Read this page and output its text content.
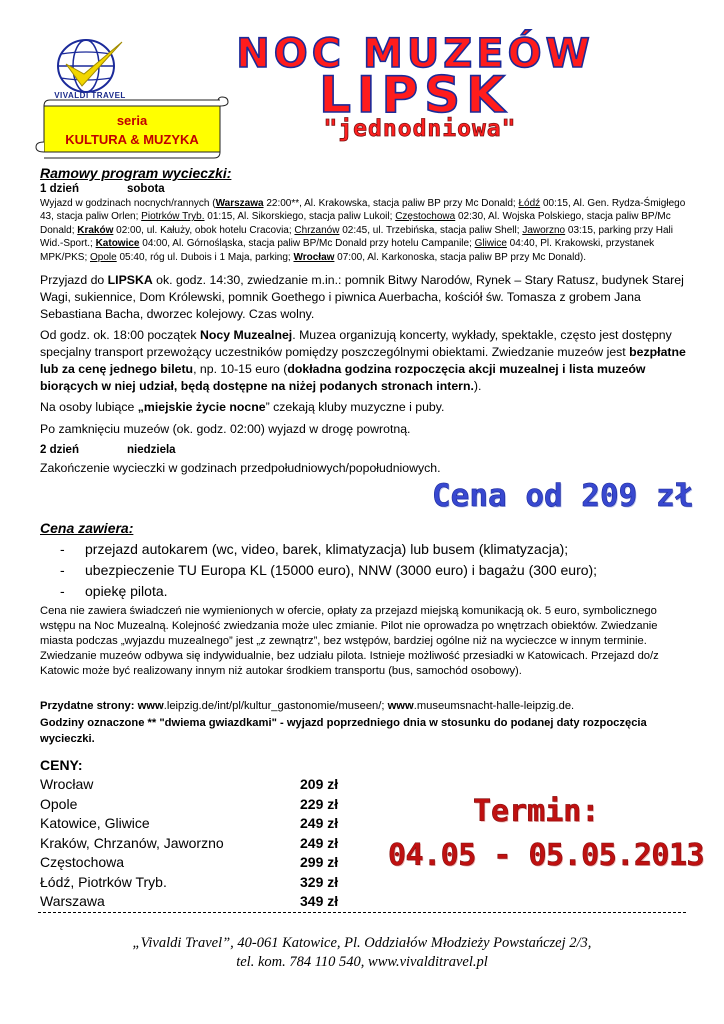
VIVALDI TRAVEL
NOC MUZEÓW
LIPSK
"jednodniowa"
seria
KULTURA & MUZYKA
Ramowy program wycieczki:
1 dzień	sobota
Wyjazd w godzinach nocnych/rannych (Warszawa 22:00**, Al. Krakowska, stacja paliw BP przy Mc Donald; Łódź 00:15, Al. Gen. Rydza-Śmigłego 43, stacja paliw Orlen; Piotrków Tryb. 01:15, Al. Sikorskiego, stacja paliw Lukoil; Częstochowa 02:30, Al. Wojska Polskiego, stacja paliw BP/Mc Donald; Kraków 02:00, ul. Kałuży, obok hotelu Cracovia; Chrzanów 02:45, ul. Trzebińska, stacja paliw Shell; Jaworzno 03:15, parking przy Hali Wid.-Sport.; Katowice 04:00, Al. Górnośląska, stacja paliw BP/Mc Donald przy hotelu Campanile; Gliwice 04:40, Pl. Krakowski, przystanek MPK/PKS; Opole 05:40, róg ul. Dubois i 1 Maja, parking; Wrocław 07:00, Al. Karkonoska, stacja paliw BP przy Mc Donald).
Przyjazd do LIPSKA ok. godz. 14:30, zwiedzanie m.in.: pomnik Bitwy Narodów, Rynek – Stary Ratusz, budynek Starej Wagi, sukiennice, Dom Królewski, pomnik Goethego i piwnica Auerbacha, kościół św. Tomasza z grobem Jana Sebastiana Bacha, dworzec kolejowy. Czas wolny.
Od godz. ok. 18:00 początek Nocy Muzealnej. Muzea organizują koncerty, wykłady, spektakle, często jest dostępny specjalny transport przewożący uczestników pomiędzy poszczególnymi obiektami. Zwiedzanie muzeów jest bezpłatne lub za cenę jednego biletu, np. 10-15 euro (dokładna godzina rozpoczęcia akcji muzealnej i lista muzeów biorących w niej udział, będą dostępne na niżej podanych stronach intern.).
Na osoby lubiące „miejskie życie nocne” czekają kluby muzyczne i puby.
Po zamknięciu muzeów (ok. godz. 02:00) wyjazd w drogę powrotną.
2 dzień	niedziela
Zakończenie wycieczki w godzinach przedpołudniowych/popołudniowych.
Cena od 209 zł
Cena zawiera:
- przejazd autokarem (wc, video, barek, klimatyzacja) lub busem (klimatyzacja);
- ubezpieczenie TU Europa KL (15000 euro), NNW (3000 euro) i bagażu (300 euro);
- opiekę pilota.
Cena nie zawiera świadczeń nie wymienionych w ofercie, opłaty za przejazd miejską komunikacją ok. 5 euro, symbolicznego wstępu na Noc Muzealną. Kolejność zwiedzania może ulec zmianie. Pilot nie oprowadza po wnętrzach obiektów. Zwiedzanie miasta podczas „wyjazdu muzealnego” jest „z zewnątrz”, bez wstępów, bardziej ogólne niż na wycieczce w innym terminie. Zwiedzanie muzeów odbywa się indywidualnie, bez udziału pilota. Istnieje możliwość przesiadki w Katowicach. Przejazd do/z Katowic może być realizowany innym niż autokar środkiem transportu (bus, samochód osobowy).
Przydatne strony: www.leipzig.de/int/pl/kultur_gastonomie/museen/; www.museumsnacht-halle-leipzig.de.
Godziny oznaczone ** "dwiema gwiazdkami" - wyjazd poprzedniego dnia w stosunku do podanej daty rozpoczęcia wycieczki.
CENY:
Wrocław	209 zł
Opole	229 zł
Katowice, Gliwice	249 zł
Kraków, Chrzanów, Jaworzno	249 zł
Częstochowa	299 zł
Łódź, Piotrków Tryb.	329 zł
Warszawa	349 zł
Termin:
04.05 - 05.05.2013
„Vivaldi Travel”, 40-061 Katowice, Pl. Oddziałów Młodzieży Powstańczej 2/3,
tel. kom. 784 110 540, www.vivalditravel.pl
